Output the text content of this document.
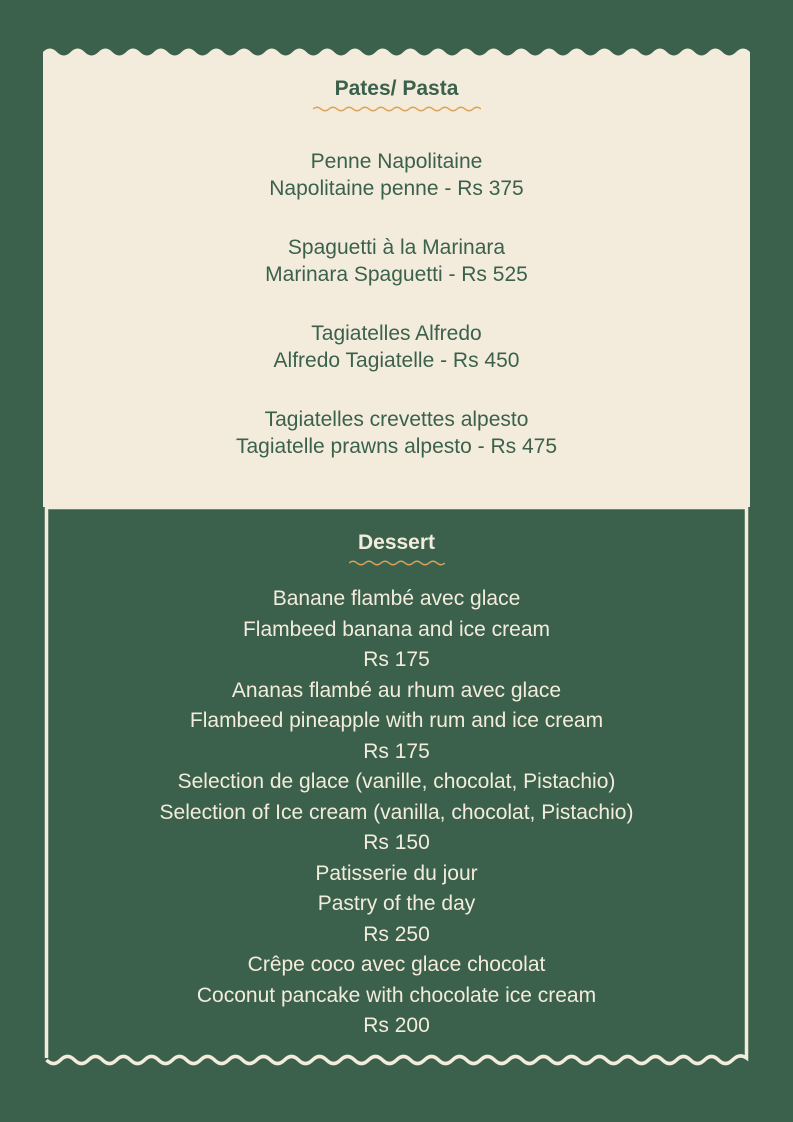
Pates/ Pasta
Penne Napolitaine
Napolitaine penne - Rs 375
Spaguetti à la Marinara
Marinara Spaguetti - Rs 525
Tagiatelles Alfredo
Alfredo Tagiatelle - Rs 450
Tagiatelles crevettes alpesto
Tagiatelle prawns alpesto - Rs 475
Dessert
Banane flambé avec glace
Flambeed banana and ice cream
Rs 175
Ananas flambé au rhum avec glace
Flambeed pineapple with rum and ice cream
Rs 175
Selection de glace (vanille, chocolat, Pistachio)
Selection of Ice cream (vanilla, chocolat, Pistachio)
Rs 150
Patisserie du jour
Pastry of the day
Rs 250
Crêpe coco avec glace chocolat
Coconut pancake with chocolate ice cream
Rs 200
